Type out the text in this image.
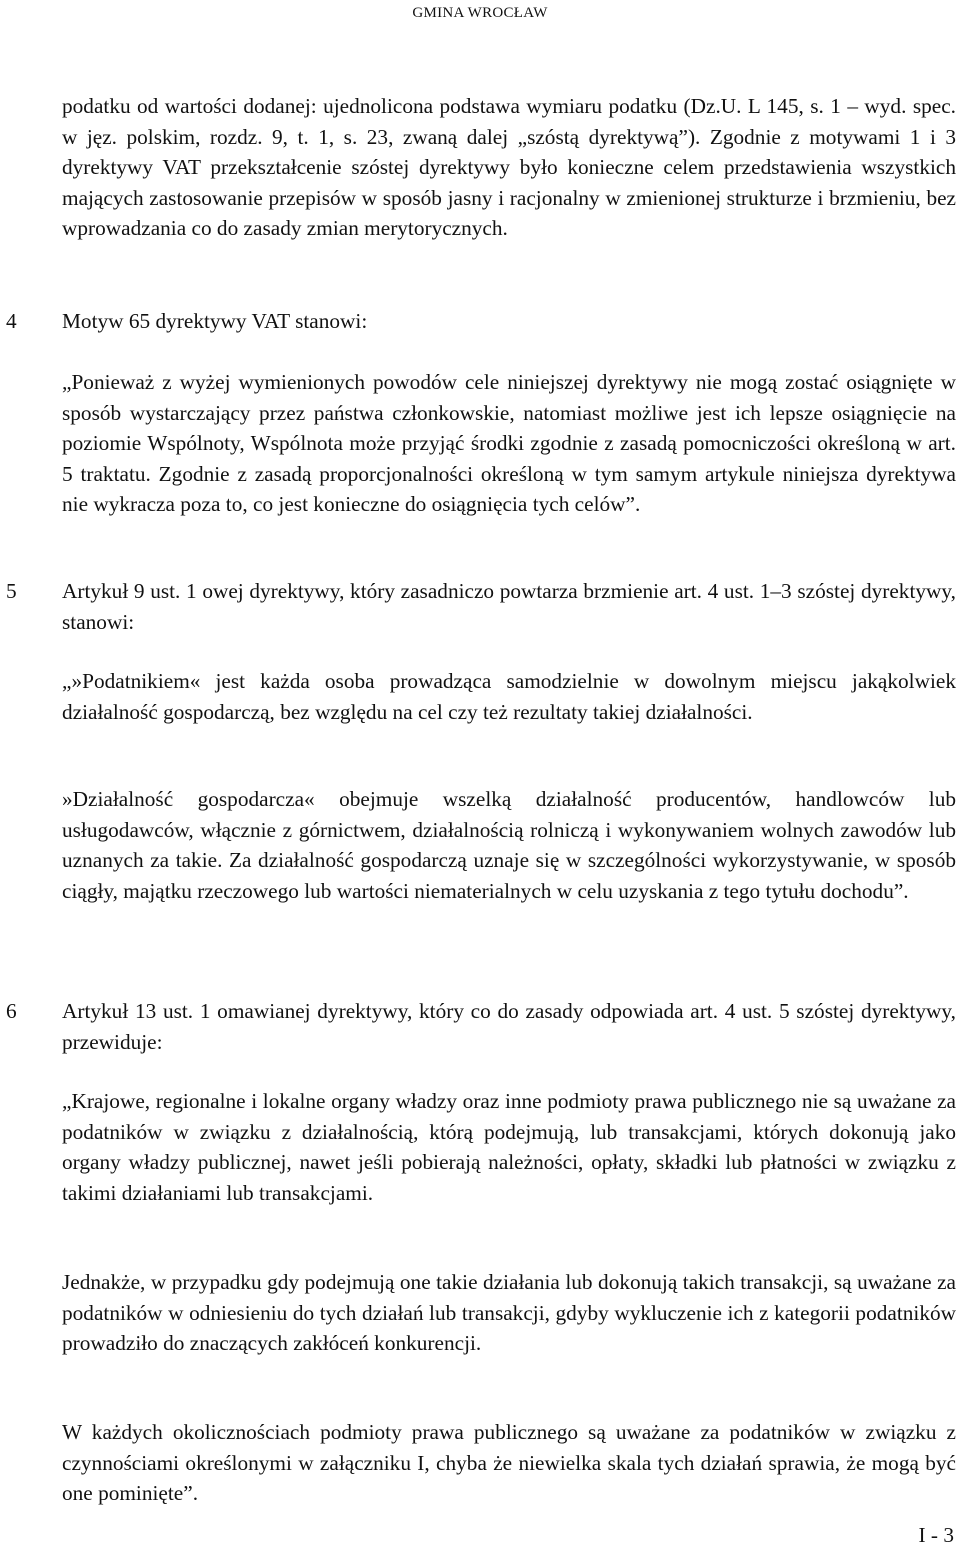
GMINA WROCŁAW

podatku od wartości dodanej: ujednolicona podstawa wymiaru podatku (Dz.U. L 145, s. 1 – wyd. spec. w jęz. polskim, rozdz. 9, t. 1, s. 23, zwaną dalej „szóstą dyrektywą”). Zgodnie z motywami 1 i 3 dyrektywy VAT przekształcenie szóstej dyrektywy było konieczne celem przedstawienia wszystkich mających zastosowanie przepisów w sposób jasny i racjonalny w zmienionej strukturze i brzmieniu, bez wprowadzania co do zasady zmian merytorycznych.

4 Motyw 65 dyrektywy VAT stanowi:

„Ponieważ z wyżej wymienionych powodów cele niniejszej dyrektywy nie mogą zostać osiągnięte w sposób wystarczający przez państwa członkowskie, natomiast możliwe jest ich lepsze osiągnięcie na poziomie Wspólnoty, Wspólnota może przyjąć środki zgodnie z zasadą pomocniczości określoną w art. 5 traktatu. Zgodnie z zasadą proporcjonalności określoną w tym samym artykule niniejsza dyrektywa nie wykracza poza to, co jest konieczne do osiągnięcia tych celów”.

5 Artykuł 9 ust. 1 owej dyrektywy, który zasadniczo powtarza brzmienie art. 4 ust. 1–3 szóstej dyrektywy, stanowi:

„»Podatnikiem« jest każda osoba prowadząca samodzielnie w dowolnym miejscu jakąkolwiek działalność gospodarczą, bez względu na cel czy też rezultaty takiej działalności.

»Działalność gospodarcza« obejmuje wszelką działalność producentów, handlowców lub usługodawców, włącznie z górnictwem, działalnością rolniczą i wykonywaniem wolnych zawodów lub uznanych za takie. Za działalność gospodarczą uznaje się w szczególności wykorzystywanie, w sposób ciągły, majątku rzeczowego lub wartości niematerialnych w celu uzyskania z tego tytułu dochodu”.

6 Artykuł 13 ust. 1 omawianej dyrektywy, który co do zasady odpowiada art. 4 ust. 5 szóstej dyrektywy, przewiduje:

„Krajowe, regionalne i lokalne organy władzy oraz inne podmioty prawa publicznego nie są uważane za podatników w związku z działalnością, którą podejmują, lub transakcjami, których dokonują jako organy władzy publicznej, nawet jeśli pobierają należności, opłaty, składki lub płatności w związku z takimi działaniami lub transakcjami.

Jednakże, w przypadku gdy podejmują one takie działania lub dokonują takich transakcji, są uważane za podatników w odniesieniu do tych działań lub transakcji, gdyby wykluczenie ich z kategorii podatników prowadziło do znaczących zakłóceń konkurencji.

W każdych okolicznościach podmioty prawa publicznego są uważane za podatników w związku z czynnościami określonymi w załączniku I, chyba że niewielka skala tych działań sprawia, że mogą być one pominięte”.

I - 3
